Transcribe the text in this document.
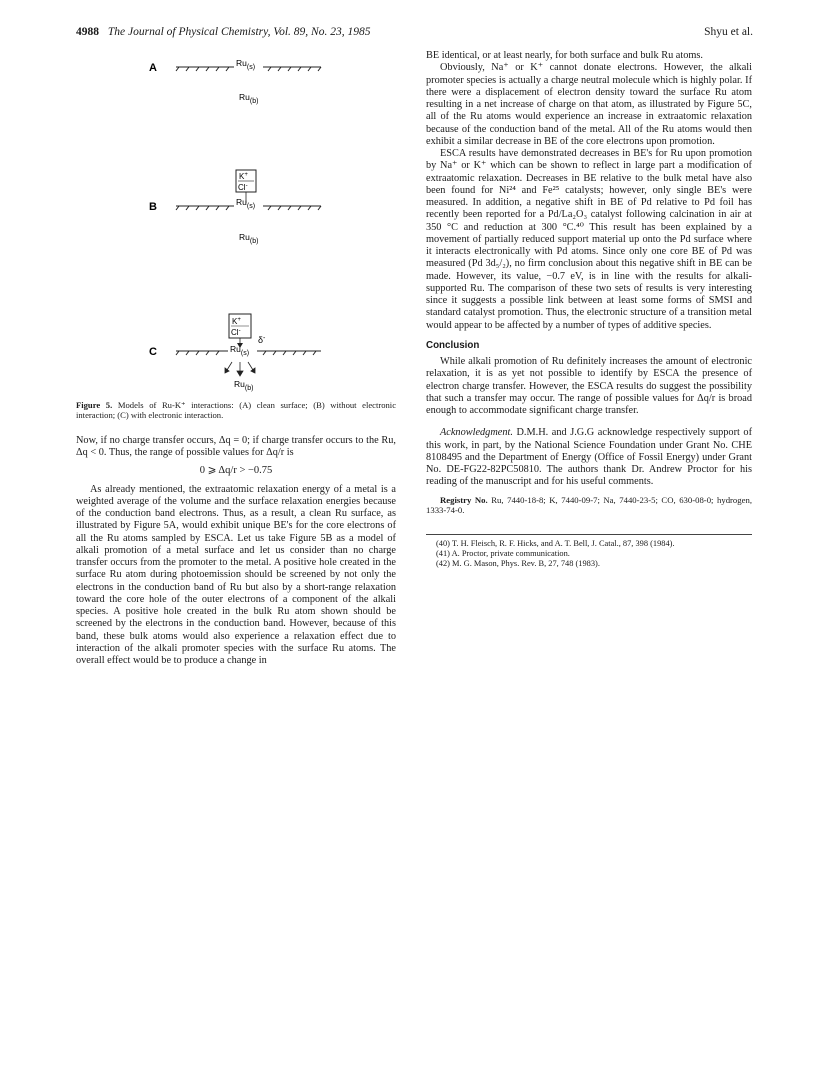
4988 The Journal of Physical Chemistry, Vol. 89, No. 23, 1985	Shyu et al.
A	$Ru_{(s)}$
$Ru_{(b)}$
K+
Cl-
B	$Ru_{(s)}$
$Ru_{(b)}$
K+
Cl-
δ-
C	$Ru_{(s)}$
$Ru_{(b)}$

Figure 5. Models of Ru-K⁺ interactions: (A) clean surface; (B) without electronic interaction; (C) with electronic interaction.

Now, if no charge transfer occurs, Δq = 0; if charge transfer occurs to the Ru, Δq < 0. Thus, the range of possible values for Δq/r is

0 ⩾ Δq/r > −0.75

As already mentioned, the extraatomic relaxation energy of a metal is a weighted average of the volume and the surface relaxation energies because of the conduction band electrons. Thus, as a result, a clean Ru surface, as illustrated by Figure 5A, would exhibit unique BE's for the core electrons of all the Ru atoms sampled by ESCA. Let us take Figure 5B as a model of alkali promotion of a metal surface and let us consider than no charge transfer occurs from the promoter to the metal. A positive hole created in the surface Ru atom during photoemission should be screened by not only the electrons in the conduction band of Ru but also by a short-range relaxation toward the core hole of the outer electrons of a component of the alkali species. A positive hole created in the bulk Ru atom shown should be screened by the electrons in the conduction band. However, because of this band, these bulk atoms would also experience a relaxation effect due to interaction of the alkali promoter species with the surface Ru atoms. The overall effect would be to produce a change in

BE identical, or at least nearly, for both surface and bulk Ru atoms.

Obviously, Na⁺ or K⁺ cannot donate electrons. However, the alkali promoter species is actually a charge neutral molecule which is highly polar. If there were a displacement of electron density toward the surface Ru atom resulting in a net increase of charge on that atom, as illustrated by Figure 5C, all of the Ru atoms would experience an increase in extraatomic relaxation because of the conduction band of the metal. All of the Ru atoms would then exhibit a similar decrease in BE of the core electrons upon promotion.

ESCA results have demonstrated decreases in BE's for Ru upon promotion by Na⁺ or K⁺ which can be shown to reflect in large part a modification of extraatomic relaxation. Decreases in BE relative to the bulk metal have also been found for Ni²⁴ and Fe²⁵ catalysts; however, only single BE's were measured. In addition, a negative shift in BE of Pd relative to Pd foil has recently been reported for a Pd/La₂O₃ catalyst following calcination in air at 350 °C and reduction at 300 °C.⁴⁰ This result has been explained by a movement of partially reduced support material up onto the Pd surface where it interacts electronically with Pd atoms. Since only one core BE of Pd was measured (Pd 3d₅/₂), no firm conclusion about this negative shift in BE can be made. However, its value, −0.7 eV, is in line with the results for alkali-supported Ru. The comparison of these two sets of results is very interesting since it suggests a possible link between at least some forms of SMSI and standard catalyst promotion. Thus, the electronic structure of a transition metal would appear to be affected by a number of types of additive species.

Conclusion

While alkali promotion of Ru definitely increases the amount of electronic relaxation, it is as yet not possible to identify by ESCA the presence of electron charge transfer. However, the ESCA results do suggest the possibility that such a transfer may occur. The range of possible values for Δq/r is broad enough to accommodate significant charge transfer.

Acknowledgment. D.M.H. and J.G.G acknowledge respectively support of this work, in part, by the National Science Foundation under Grant No. CHE 8108495 and the Department of Energy (Office of Fossil Energy) under Grant No. DE-FG22-82PC50810. The authors thank Dr. Andrew Proctor for his reading of the manuscript and for his useful comments.

Registry No. Ru, 7440-18-8; K, 7440-09-7; Na, 7440-23-5; CO, 630-08-0; hydrogen, 1333-74-0.

(40) T. H. Fleisch, R. F. Hicks, and A. T. Bell, J. Catal., 87, 398 (1984).
(41) A. Proctor, private communication.
(42) M. G. Mason, Phys. Rev. B, 27, 748 (1983).
